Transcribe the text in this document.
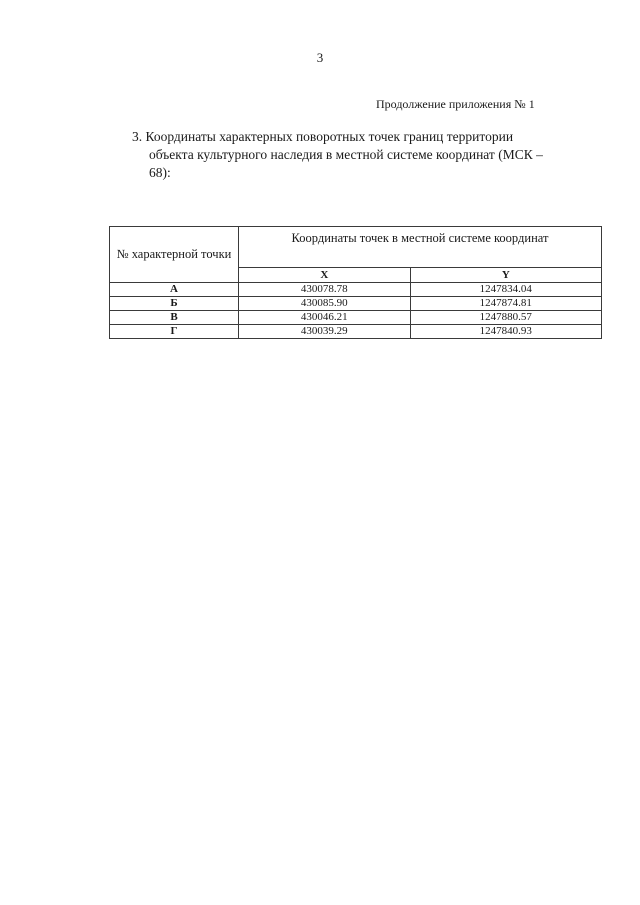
3
Продолжение приложения № 1
3. Координаты характерных поворотных точек границ территории
объекта культурного наследия в местной системе координат (МСК –
68):
№ характерной точки	Координаты точек в местной системе координат	
	X	Y
А	430078.78	1247834.04
Б	430085.90	1247874.81
В	430046.21	1247880.57
Г	430039.29	1247840.93
